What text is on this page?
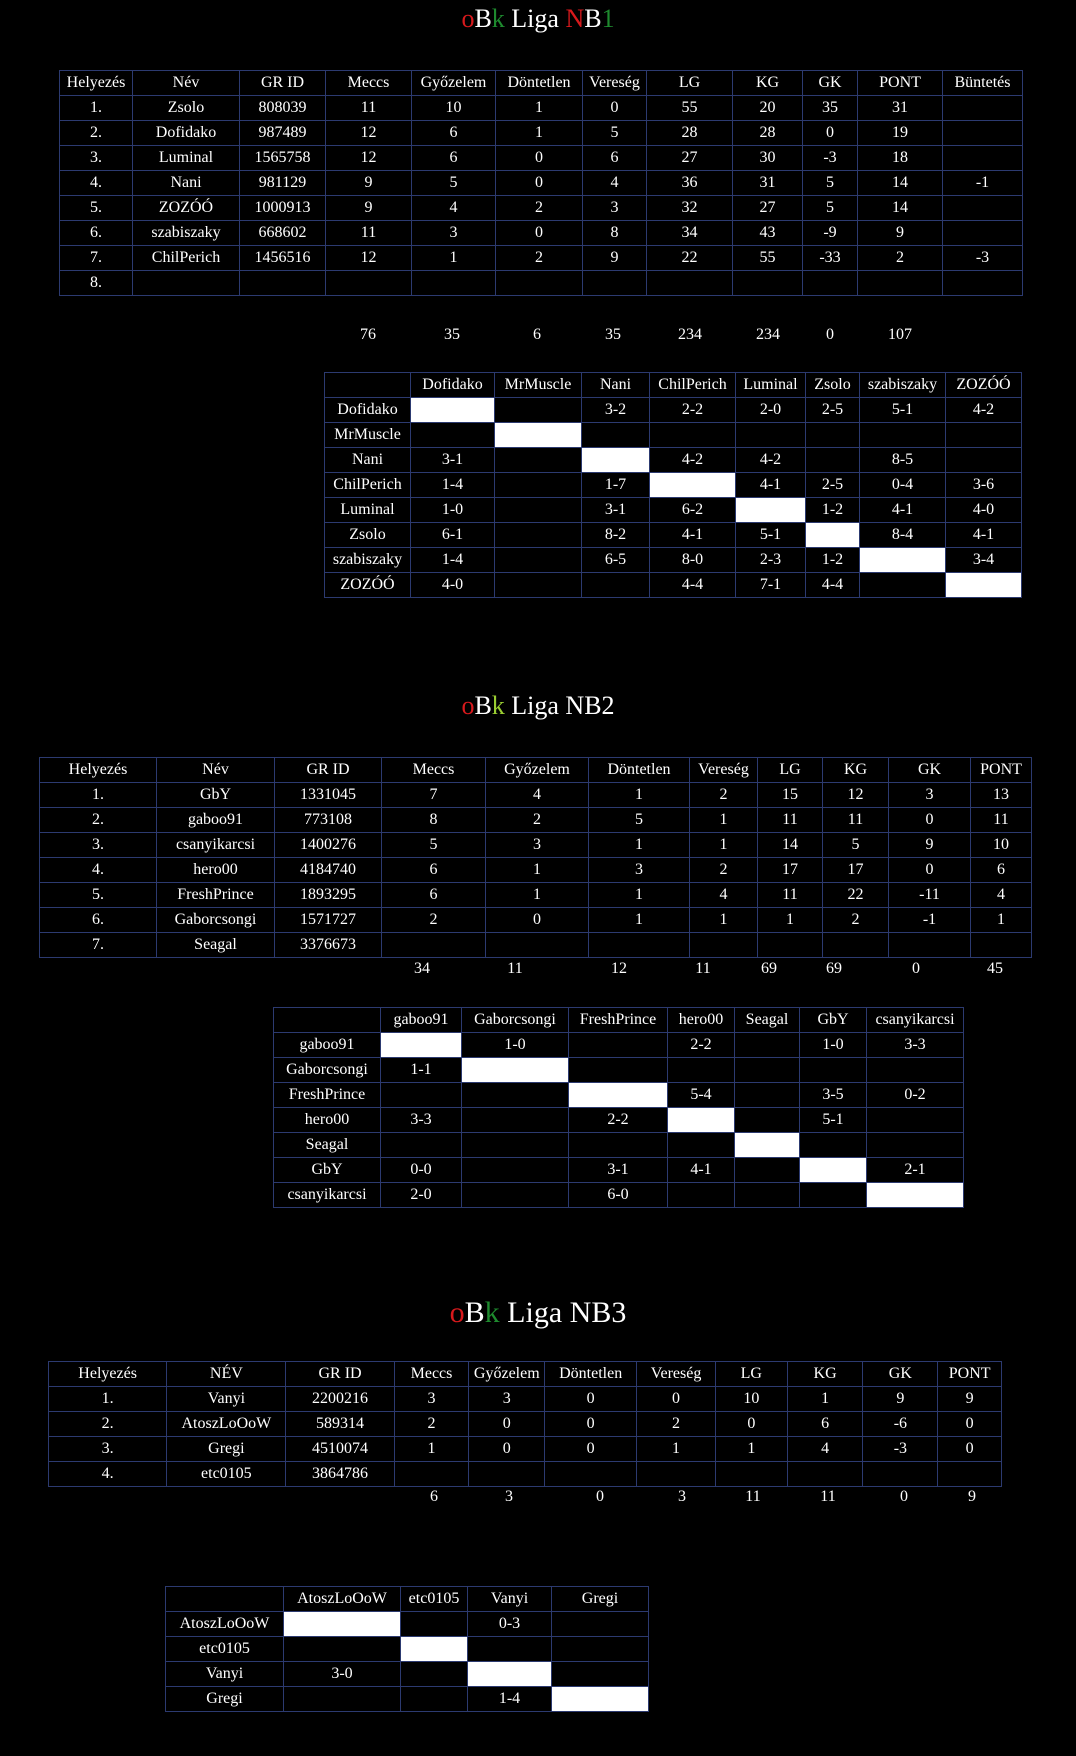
oBk Liga NB1
Helyezés	Név	GR ID	Meccs	Győzelem	Döntetlen	Vereség	LG	KG	GK	PONT	Büntetés
1.	Zsolo	808039	11	10	1	0	55	20	35	31	
2.	Dofidako	987489	12	6	1	5	28	28	0	19	
3.	Luminal	1565758	12	6	0	6	27	30	-3	18	
4.	Nani	981129	9	5	0	4	36	31	5	14	-1
5.	ZOZÓÓ	1000913	9	4	2	3	32	27	5	14	
6.	szabiszaky	668602	11	3	0	8	34	43	-9	9	
7.	ChilPerich	1456516	12	1	2	9	22	55	-33	2	-3
8.											
76	35	6	35	234	234	0	107
	Dofidako	MrMuscle	Nani	ChilPerich	Luminal	Zsolo	szabiszaky	ZOZÓÓ
Dofidako			3-2	2-2	2-0	2-5	5-1	4-2
MrMuscle								
Nani	3-1			4-2	4-2		8-5	
ChilPerich	1-4		1-7		4-1	2-5	0-4	3-6
Luminal	1-0		3-1	6-2		1-2	4-1	4-0
Zsolo	6-1		8-2	4-1	5-1		8-4	4-1
szabiszaky	1-4		6-5	8-0	2-3	1-2		3-4
ZOZÓÓ	4-0			4-4	7-1	4-4		
oBk Liga NB2
Helyezés	Név	GR ID	Meccs	Győzelem	Döntetlen	Vereség	LG	KG	GK	PONT
1.	GbY	1331045	7	4	1	2	15	12	3	13
2.	gaboo91	773108	8	2	5	1	11	11	0	11
3.	csanyikarcsi	1400276	5	3	1	1	14	5	9	10
4.	hero00	4184740	6	1	3	2	17	17	0	6
5.	FreshPrince	1893295	6	1	1	4	11	22	-11	4
6.	Gaborcsongi	1571727	2	0	1	1	1	2	-1	1
7.	Seagal	3376673								
34	11	12	11	69	69	0	45
	gaboo91	Gaborcsongi	FreshPrince	hero00	Seagal	GbY	csanyikarcsi
gaboo91		1-0		2-2		1-0	3-3
Gaborcsongi	1-1						
FreshPrince				5-4		3-5	0-2
hero00	3-3		2-2			5-1	
Seagal							
GbY	0-0		3-1	4-1			2-1
csanyikarcsi	2-0		6-0				
oBk Liga NB3
Helyezés	NÉV	GR ID	Meccs	Győzelem	Döntetlen	Vereség	LG	KG	GK	PONT
1.	Vanyi	2200216	3	3	0	0	10	1	9	9
2.	AtoszLoOoW	589314	2	0	0	2	0	6	-6	0
3.	Gregi	4510074	1	0	0	1	1	4	-3	0
4.	etc0105	3864786								
6	3	0	3	11	11	0	9
	AtoszLoOoW	etc0105	Vanyi	Gregi
AtoszLoOoW			0-3	
etc0105				
Vanyi	3-0			
Gregi			1-4	
